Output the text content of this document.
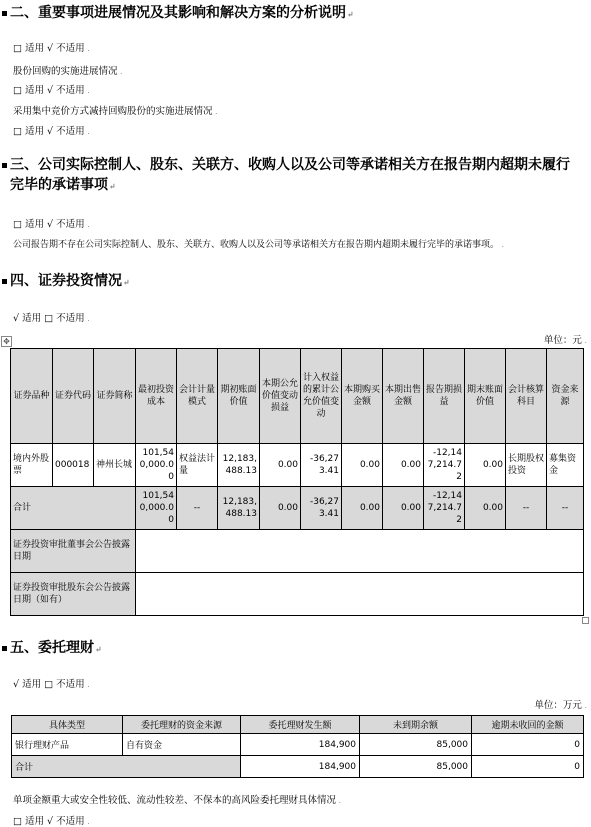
二、重要事项进展情况及其影响和解决方案的分析说明↵
□ 适用 √ 不适用 .
股份回购的实施进展情况 .
□ 适用 √ 不适用 .
采用集中竞价方式减持回购股份的实施进展情况 .
□ 适用 √ 不适用 .
三、公司实际控制人、股东、关联方、收购人以及公司等承诺相关方在报告期内超期未履行
完毕的承诺事项↵
□ 适用 √ 不适用 .
公司报告期不存在公司实际控制人、股东、关联方、收购人以及公司等承诺相关方在报告期内超期未履行完毕的承诺事项。 .
四、证券投资情况↵
√ 适用 □ 不适用 .
单位：元 .
✥
证券品种	证券代码	证券简称	最初投资成本	会计计量模式	期初账面价值	本期公允价值变动损益	计入权益的累计公允价值变动	本期购买金额	本期出售金额	报告期损益	期末账面价值	会计核算科目	资金来源
境内外股票	000018	神州长城	101,540,000.00	权益法计量	12,183,488.13	0.00	-36,273.41	0.00	0.00	-12,147,214.72	0.00	长期股权投资	募集资金
合计			101,540,000.00	--	12,183,488.13	0.00	-36,273.41	0.00	0.00	-12,147,214.72	0.00	--	--
证券投资审批董事会公告披露日期													
证券投资审批股东会公告披露日期（如有）													
五、委托理财↵
√ 适用 □ 不适用 .
单位：万元 .
具体类型	委托理财的资金来源	委托理财发生额	未到期余额	逾期未收回的金额
银行理财产品	自有资金	184,900	85,000	0
合计		184,900	85,000	0
单项金额重大或安全性较低、流动性较差、不保本的高风险委托理财具体情况 .
□ 适用 √ 不适用 .
